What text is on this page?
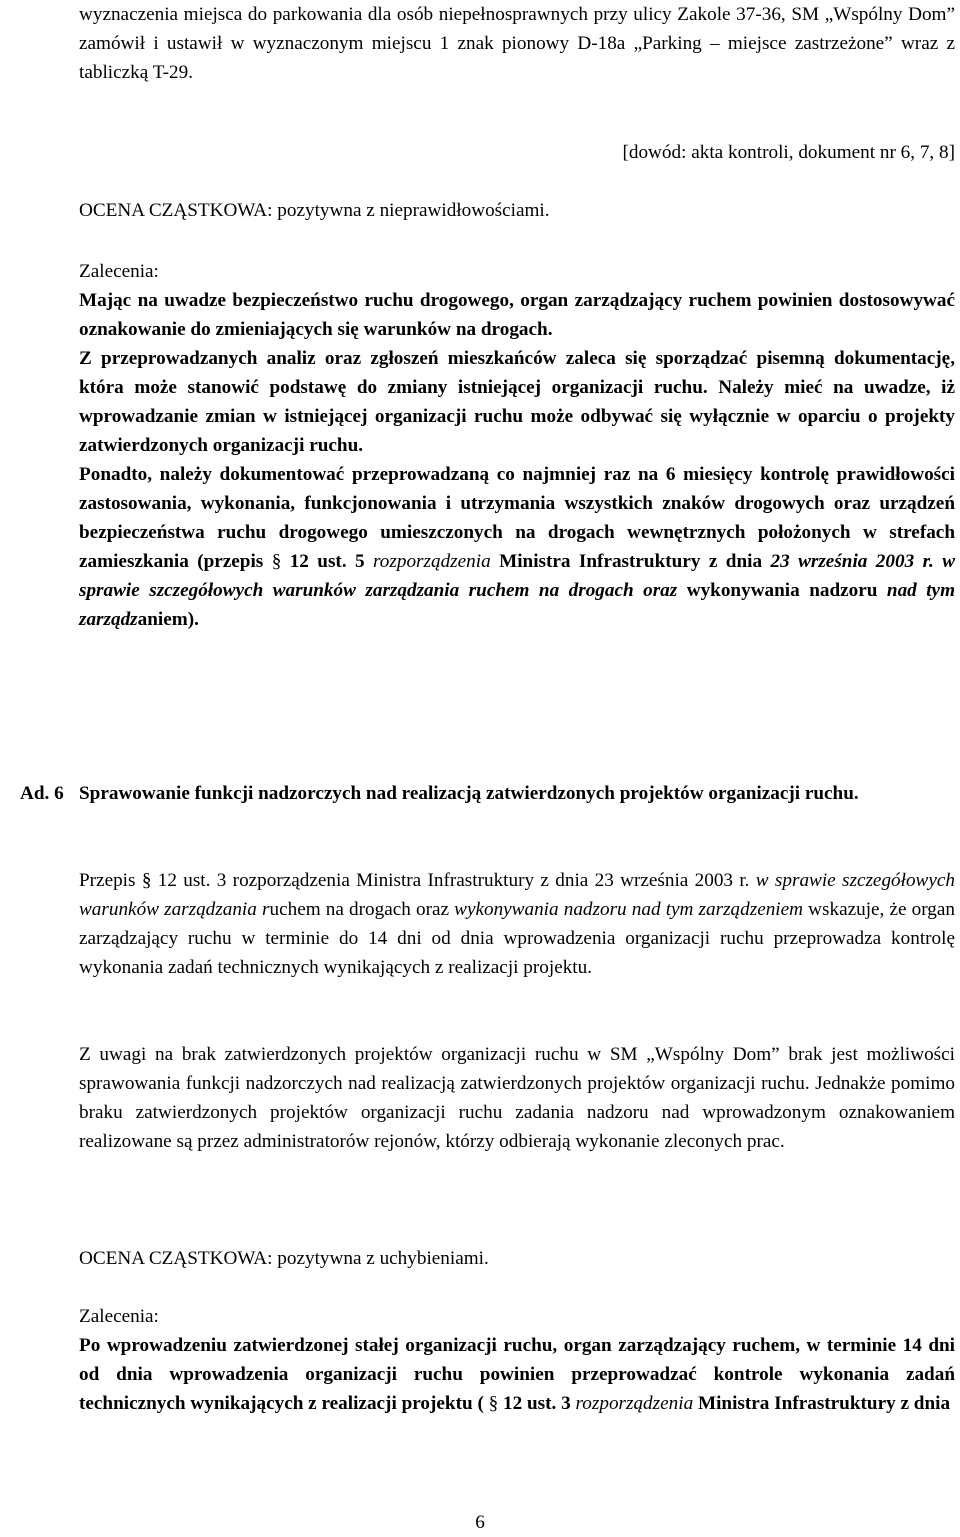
wyznaczenia miejsca do parkowania dla osób niepełnosprawnych przy ulicy Zakole 37-36, SM „Wspólny Dom” zamówił i ustawił w wyznaczonym miejscu 1 znak pionowy D-18a „Parking – miejsce zastrzeżone” wraz z tabliczką T-29.

[dowód: akta kontroli, dokument nr 6, 7, 8]

OCENA CZĄSTKOWA: pozytywna z nieprawidłowościami.

Zalecenia:

Mając na uwadze bezpieczeństwo ruchu drogowego, organ zarządzający ruchem powinien dostosowywać oznakowanie do zmieniających się warunków na drogach.

Z przeprowadzanych analiz oraz zgłoszeń mieszkańców zaleca się sporządzać pisemną dokumentację, która może stanowić podstawę do zmiany istniejącej organizacji ruchu. Należy mieć na uwadze, iż wprowadzanie zmian w istniejącej organizacji ruchu może odbywać się wyłącznie w oparciu o projekty zatwierdzonych organizacji ruchu.

Ponadto, należy dokumentować przeprowadzaną co najmniej raz na 6 miesięcy kontrolę prawidłowości zastosowania, wykonania, funkcjonowania i utrzymania wszystkich znaków drogowych oraz urządzeń bezpieczeństwa ruchu drogowego umieszczonych na drogach wewnętrznych położonych w strefach zamieszkania (przepis § 12 ust. 5 rozporządzenia Ministra Infrastruktury z dnia 23 września 2003 r. w sprawie szczegółowych warunków zarządzania ruchem na drogach oraz wykonywania nadzoru nad tym zarządzaniem).

Ad. 6 Sprawowanie funkcji nadzorczych nad realizacją zatwierdzonych projektów organizacji ruchu.

Przepis § 12 ust. 3 rozporządzenia Ministra Infrastruktury z dnia 23 września 2003 r. w sprawie szczegółowych warunków zarządzania ruchem na drogach oraz wykonywania nadzoru nad tym zarządzeniem wskazuje, że organ zarządzający ruchu w terminie do 14 dni od dnia wprowadzenia organizacji ruchu przeprowadza kontrolę wykonania zadań technicznych wynikających z realizacji projektu.

Z uwagi na brak zatwierdzonych projektów organizacji ruchu w SM „Wspólny Dom” brak jest możliwości sprawowania funkcji nadzorczych nad realizacją zatwierdzonych projektów organizacji ruchu. Jednakże pomimo braku zatwierdzonych projektów organizacji ruchu zadania nadzoru nad wprowadzonym oznakowaniem realizowane są przez administratorów rejonów, którzy odbierają wykonanie zleconych prac.

OCENA CZĄSTKOWA: pozytywna z uchybieniami.

Zalecenia:

Po wprowadzeniu zatwierdzonej stałej organizacji ruchu, organ zarządzający ruchem, w terminie 14 dni od dnia wprowadzenia organizacji ruchu powinien przeprowadzać kontrole wykonania zadań technicznych wynikających z realizacji projektu ( § 12 ust. 3 rozporządzenia Ministra Infrastruktury z dnia

6
